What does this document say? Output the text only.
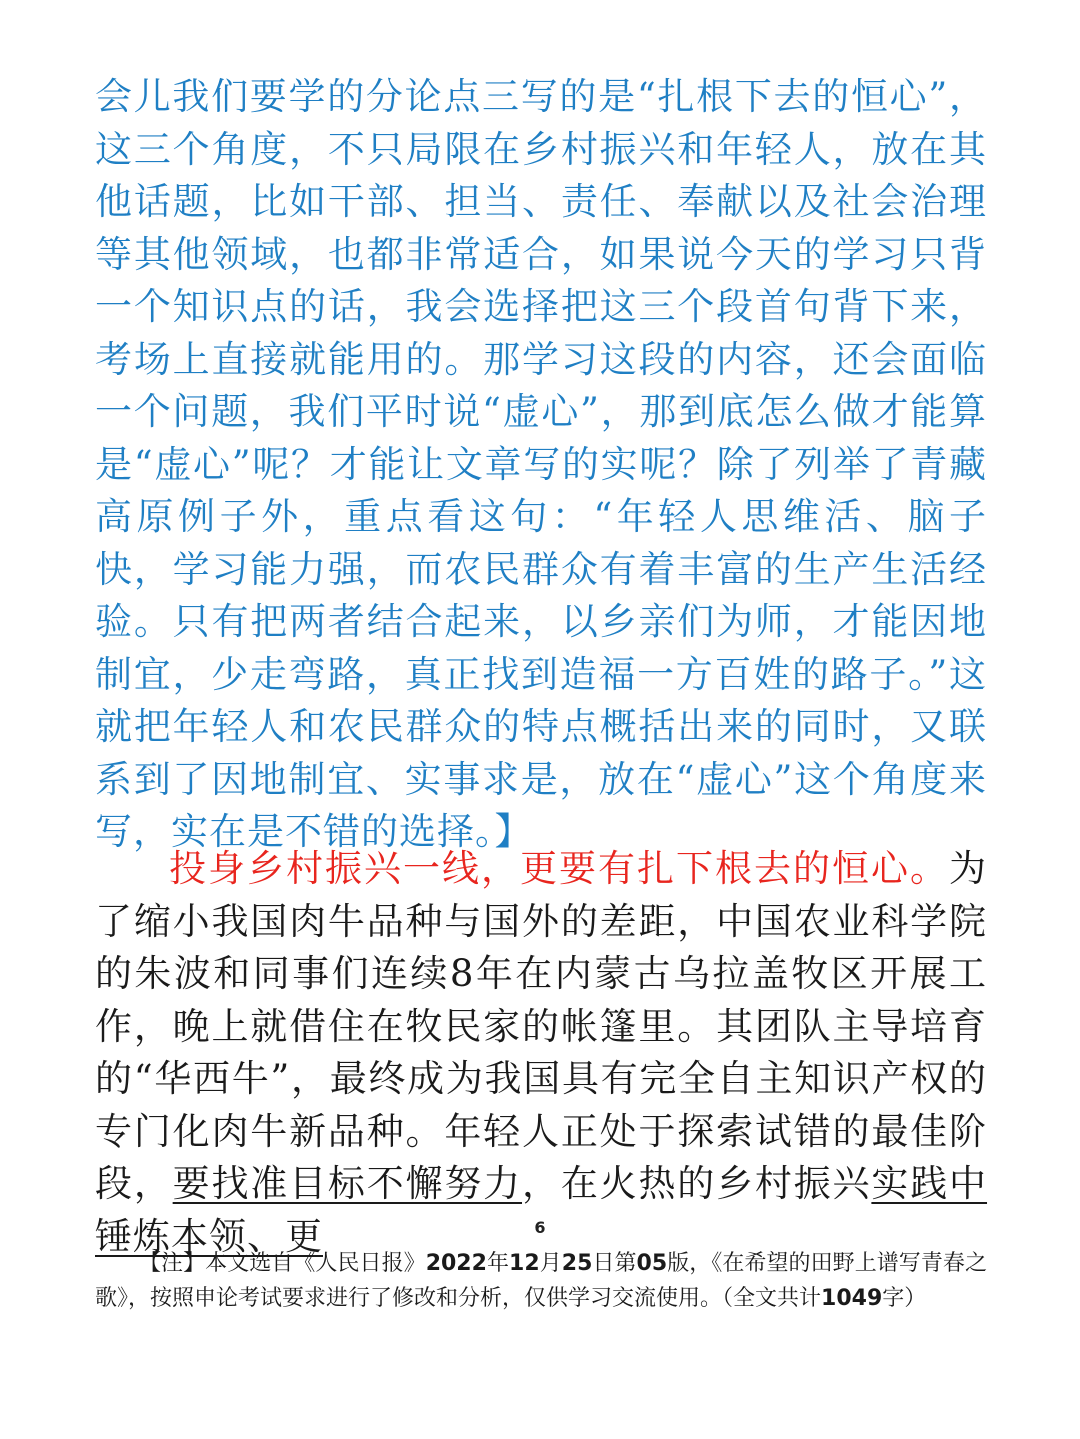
会儿我们要学的分论点三写的是“扎根下去的恒心”，这三个角度，不只局限在乡村振兴和年轻人，放在其他话题，比如干部、担当、责任、奉献以及社会治理等其他领域，也都非常适合，如果说今天的学习只背一个知识点的话，我会选择把这三个段首句背下来，考场上直接就能用的。那学习这段的内容，还会面临一个问题，我们平时说“虚心”，那到底怎么做才能算是“虚心”呢？才能让文章写的实呢？除了列举了青藏高原例子外，重点看这句：“年轻人思维活、脑子快，学习能力强，而农民群众有着丰富的生产生活经验。只有把两者结合起来，以乡亲们为师，才能因地制宜，少走弯路，真正找到造福一方百姓的路子。”这就把年轻人和农民群众的特点概括出来的同时，又联系到了因地制宜、实事求是，放在“虚心”这个角度来写，实在是不错的选择。】

投身乡村振兴一线，更要有扎下根去的恒心。为了缩小我国肉牛品种与国外的差距，中国农业科学院的朱波和同事们连续8年在内蒙古乌拉盖牧区开展工作，晚上就借住在牧民家的帐篷里。其团队主导培育的“华西牛”，最终成为我国具有完全自主知识产权的专门化肉牛新品种。年轻人正处于探索试错的最佳阶段，要找准目标不懈努力，在火热的乡村振兴实践中锤炼本领、更	6

【注】本文选自《人民日报》2022年12月25日第05版，《在希望的田野上谱写青春之歌》，按照申论考试要求进行了修改和分析，仅供学习交流使用。（全文共计1049字）
